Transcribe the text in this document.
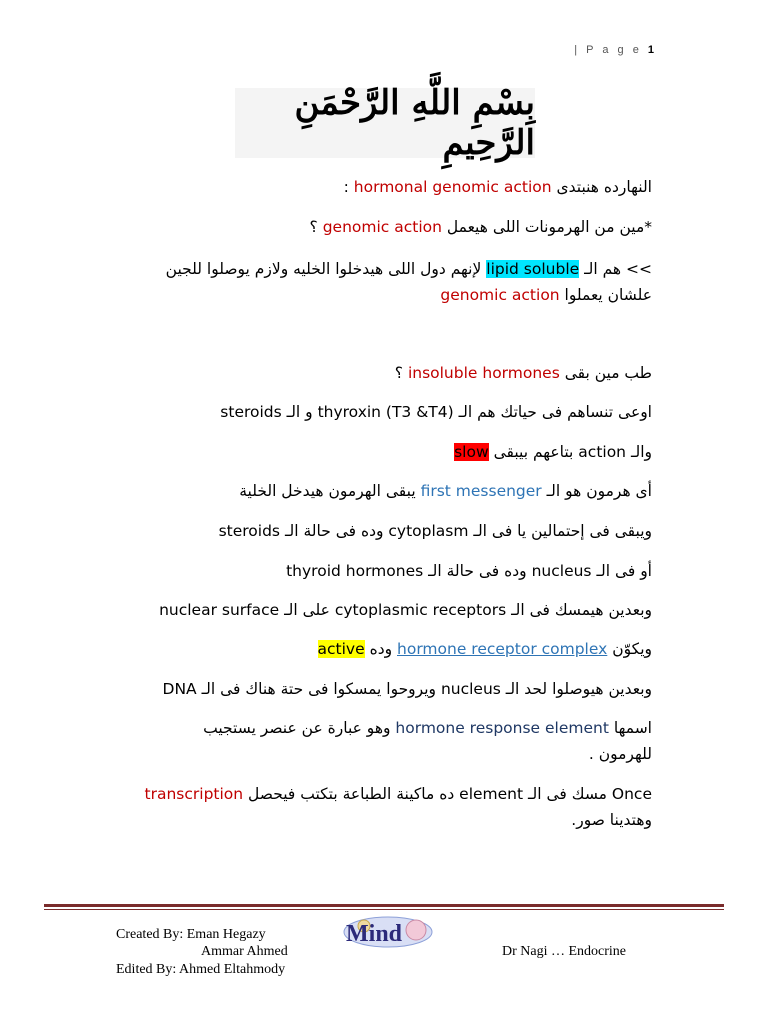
| P a g e 1
بِسْمِ اللَّهِ الرَّحْمَنِ الرَّحِيمِ
النهارده هنبتدى hormonal genomic action :
*مين من الهرمونات اللى هيعمل genomic action ؟
>> هم الـ lipid soluble لإنهم دول اللى هيدخلوا الخليه ولازم يوصلوا للجين
علشان يعملوا genomic action
طب مين بقى insoluble hormones ؟
اوعى تنساهم فى حياتك هم الـ thyroxin (T3 &T4) و الـ steroids
والـ action بتاعهم بيبقى slow
أى هرمون هو الـ first messenger يبقى الهرمون هيدخل الخلية
ويبقى فى إحتمالين يا فى الـ cytoplasm وده فى حالة الـ steroids
أو فى الـ nucleus وده فى حالة الـ thyroid hormones
وبعدين هيمسك فى الـ cytoplasmic receptors على الـ nuclear surface
ويكوّن hormone receptor complex وده active
وبعدين هيوصلوا لحد الـ nucleus ويروحوا يمسكوا فى حتة هناك فى الـ DNA
اسمها hormone response element وهو عبارة عن عنصر يستجيب
للهرمون .
Once مسك فى الـ element ده ماكينة الطباعة بتكتب فيحصل transcription
وهتدينا صور.
Created By: Eman Hegazy
Ammar Ahmed
Edited By: Ahmed Eltahmody
Dr Nagi … Endocrine
Mind
